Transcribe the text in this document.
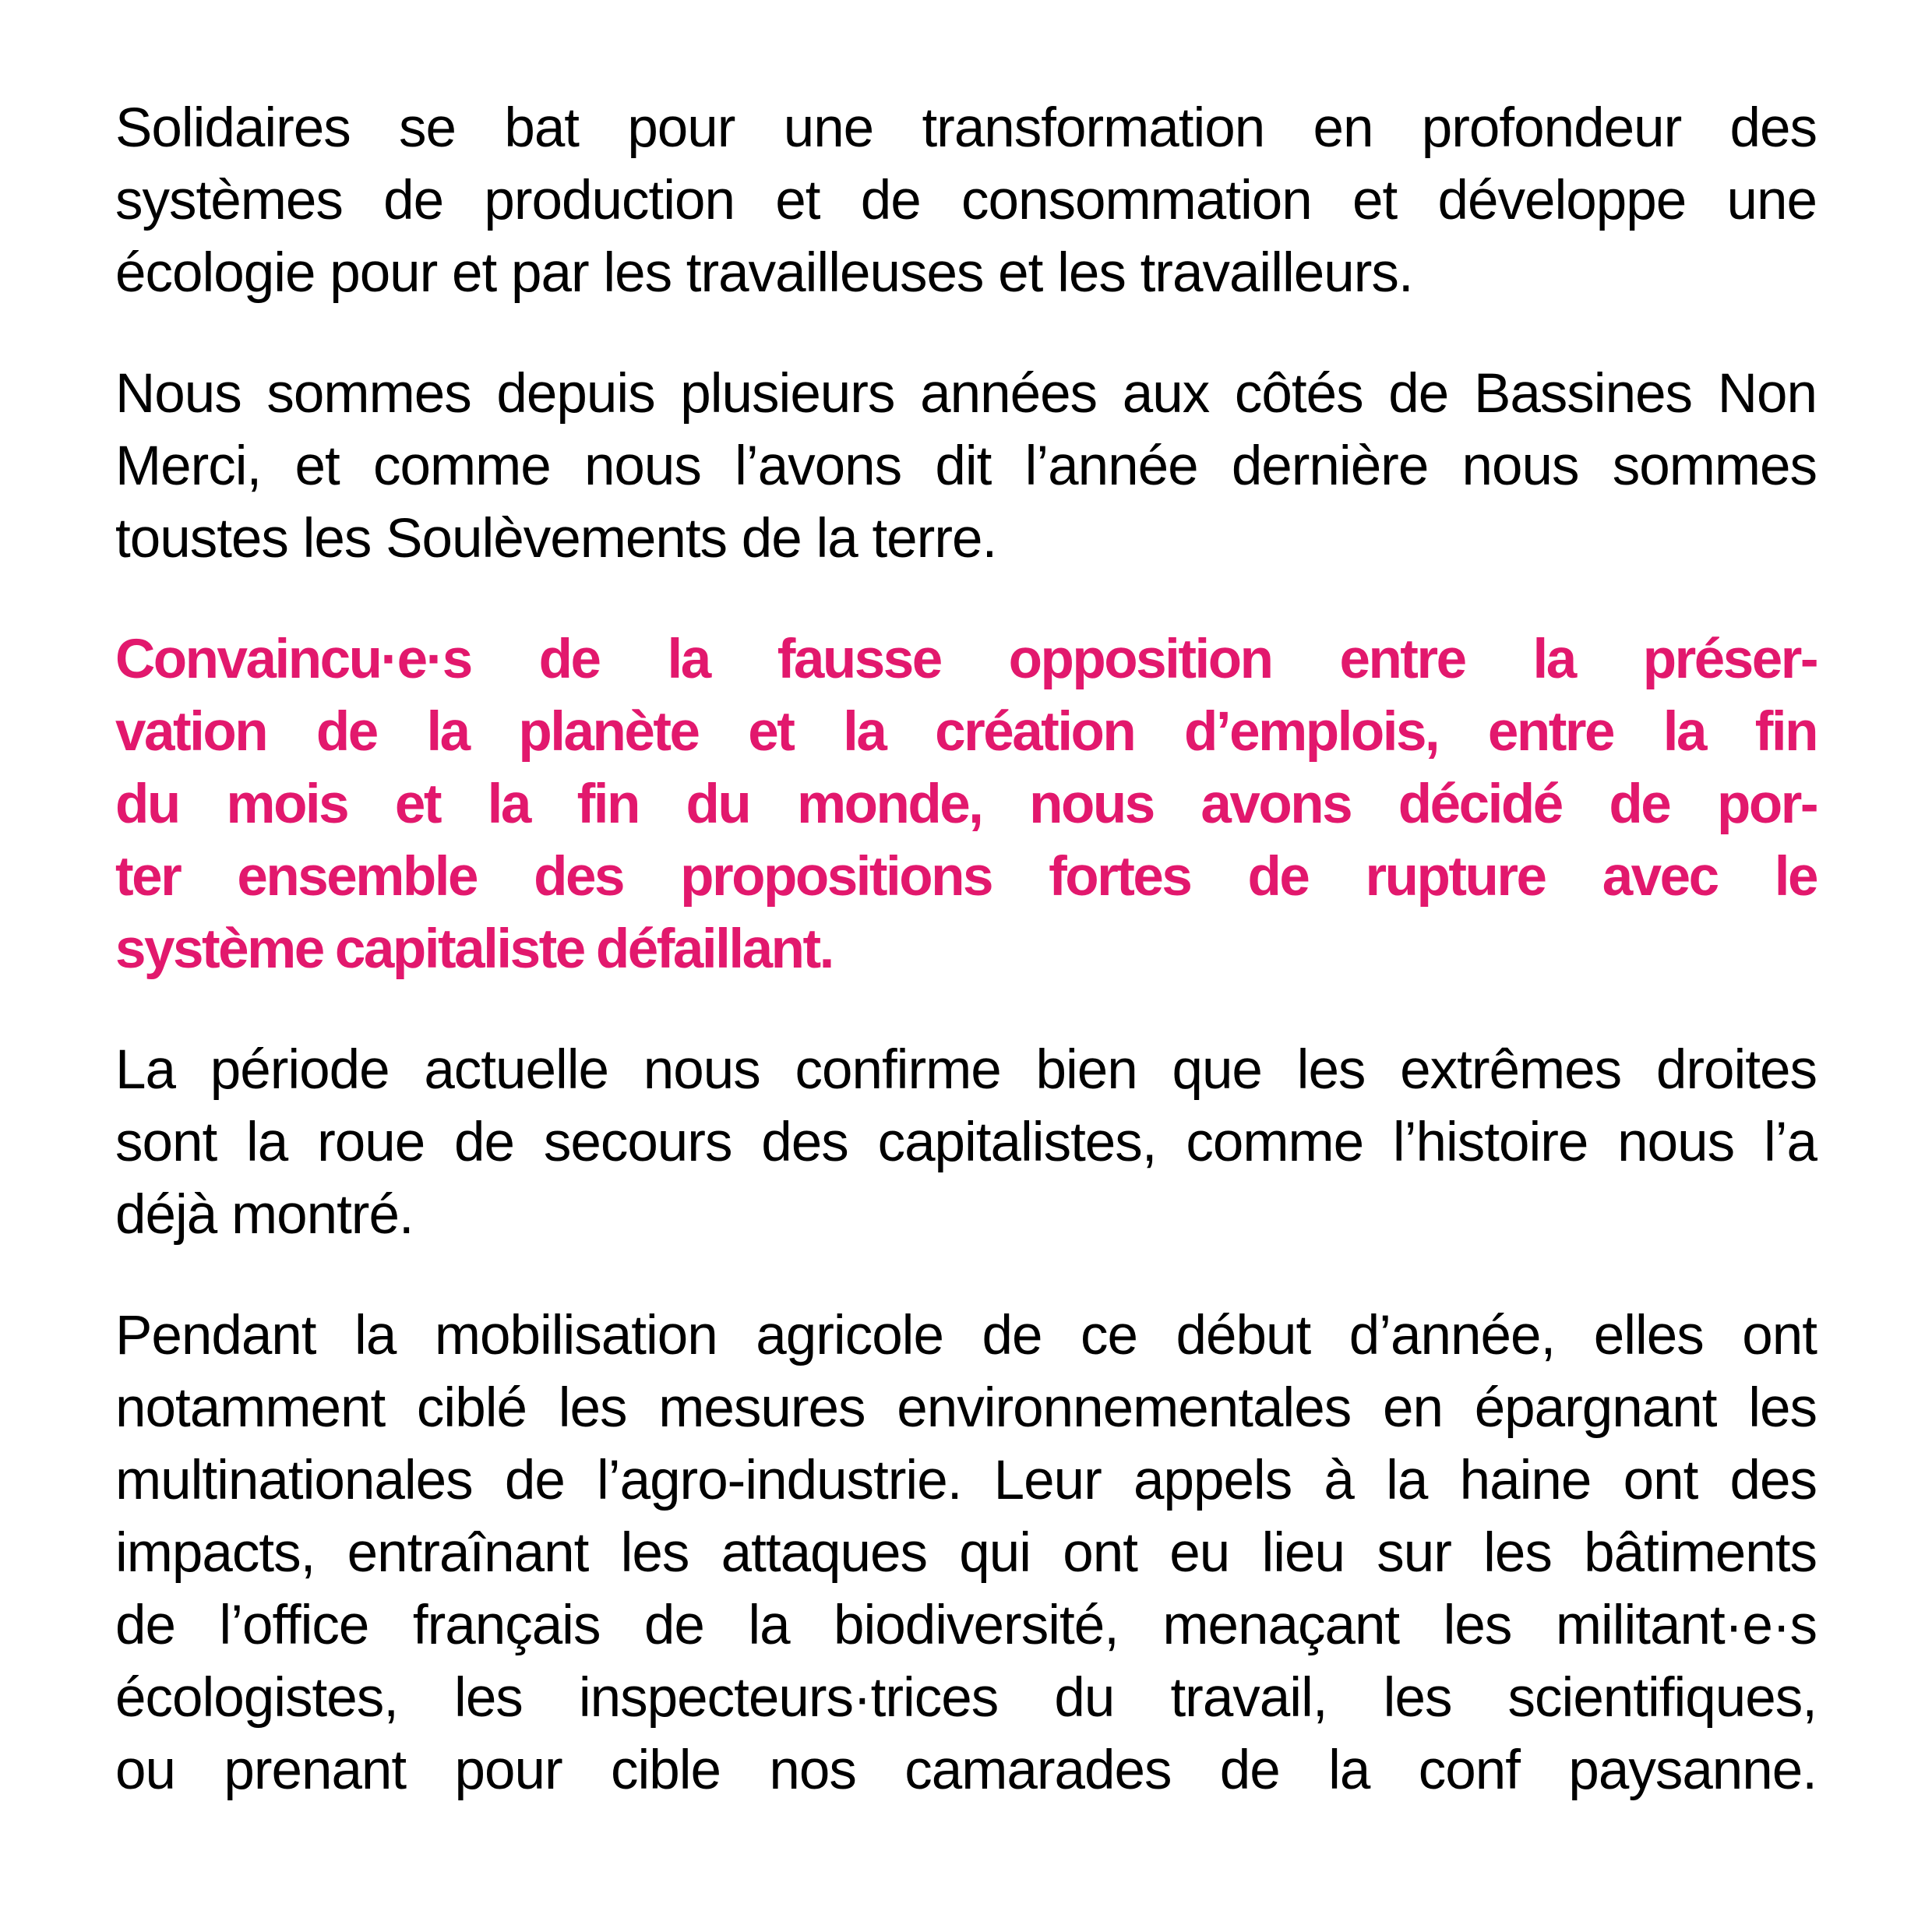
Solidaires se bat pour une transformation en profondeur des
systèmes de production et de consommation et développe une
écologie pour et par les travailleuses et les travailleurs.
Nous sommes depuis plusieurs années aux côtés de Bassines Non
Merci, et comme nous l’avons dit l’année dernière nous sommes
toustes les Soulèvements de la terre.
Convaincu·e·s de la fausse opposition entre la préser-
vation de la planète et la création d’emplois, entre la fin
du mois et la fin du monde, nous avons décidé de por-
ter ensemble des propositions fortes de rupture avec le
système capitaliste défaillant.
La période actuelle nous confirme bien que les extrêmes droites
sont la roue de secours des capitalistes, comme l’histoire nous l’a
déjà montré.
Pendant la mobilisation agricole de ce début d’année, elles ont
notamment ciblé les mesures environnementales en épargnant les
multinationales de l’agro-industrie. Leur appels à la haine ont des
impacts, entraînant les attaques qui ont eu lieu sur les bâtiments
de l’office français de la biodiversité, menaçant les militant·e·s
écologistes, les inspecteurs·trices du travail, les scientifiques,
ou prenant pour cible nos camarades de la conf paysanne.
